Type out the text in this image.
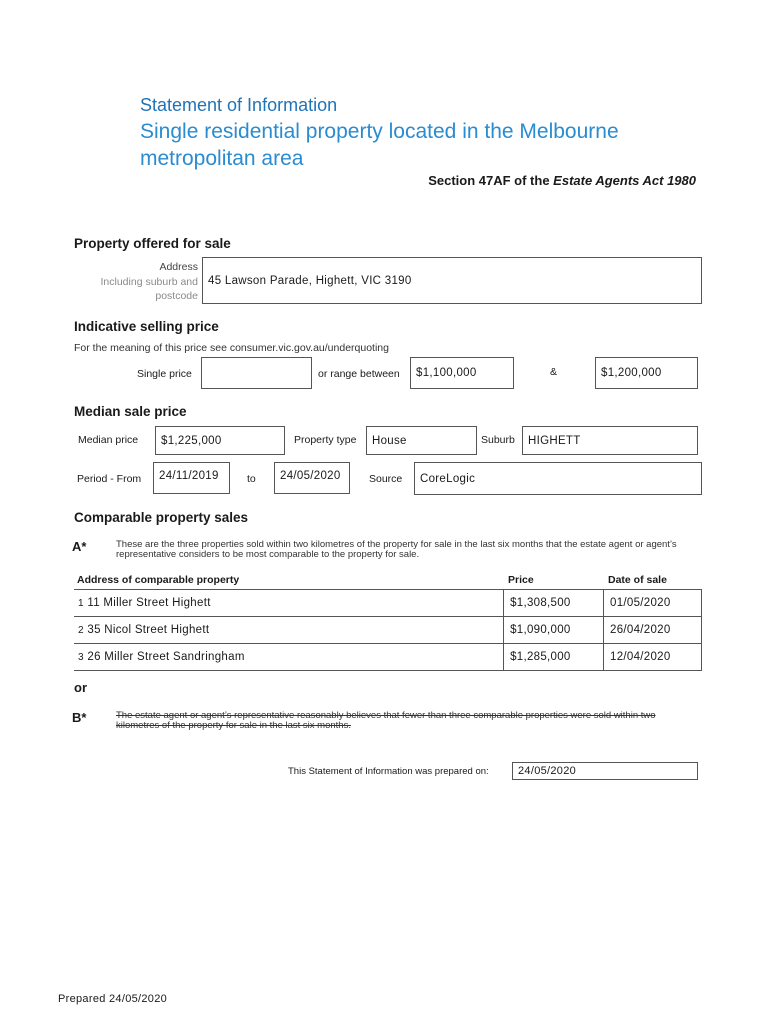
Statement of Information
Single residential property located in the Melbourne metropolitan area
Section 47AF of the Estate Agents Act 1980
Property offered for sale
Address
Including suburb and
postcode
45 Lawson Parade, Highett, VIC 3190
Indicative selling price
For the meaning of this price see consumer.vic.gov.au/underquoting
Single price	or range between	$1,100,000	&	$1,200,000
Median sale price
Median price	$1,225,000	Property type	House	Suburb	HIGHETT
Period - From	24/11/2019	to	24/05/2020	Source	CoreLogic
Comparable property sales
A*	These are the three properties sold within two kilometres of the property for sale in the last six months that the estate agent or agent’s representative considers to be most comparable to the property for sale.
Address of comparable property	Price	Date of sale
1 11 Miller Street Highett	$1,308,500	01/05/2020
2 35 Nicol Street Highett	$1,090,000	26/04/2020
3 26 Miller Street Sandringham	$1,285,000	12/04/2020
or
B*	The estate agent or agent’s representative reasonably believes that fewer than three comparable properties were sold within two kilometres of the property for sale in the last six months.
This Statement of Information was prepared on:	24/05/2020
Prepared 24/05/2020
